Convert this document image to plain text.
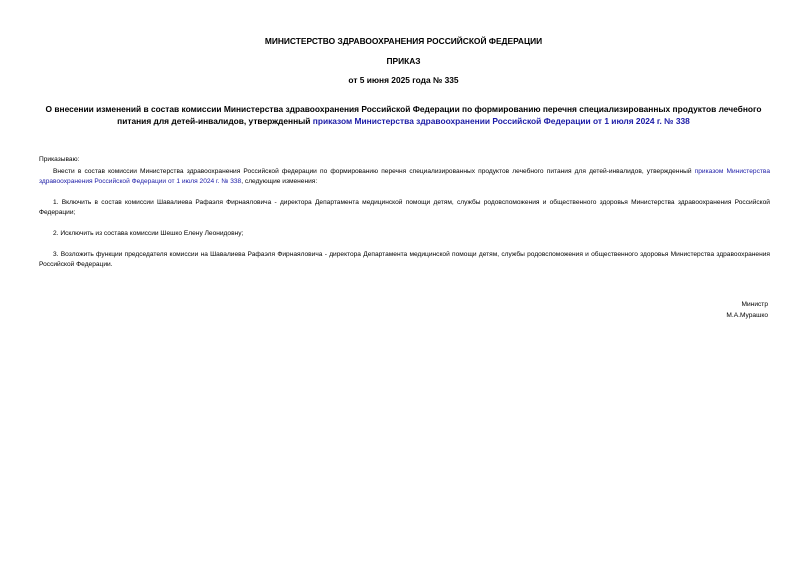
МИНИСТЕРСТВО ЗДРАВООХРАНЕНИЯ РОССИЙСКОЙ ФЕДЕРАЦИИ
ПРИКАЗ
от 5 июня 2025 года № 335
О внесении изменений в состав комиссии Министерства здравоохранения Российской Федерации по формированию перечня специализированных продуктов лечебного питания для детей-инвалидов, утвержденный приказом Министерства здравоохранении Российской Федерации от 1 июля 2024 г. № 338
Приказываю:
Внести в состав комиссии Министерства здравоохранения Российской федерации по формированию перечня специализированных продуктов лечебного питания для детей-инвалидов, утвержденный приказом Министерства здравоохранения Российской Федерации от 1 июля 2024 г. № 338, следующие изменения:
1. Включить в состав комиссии Шавалиева Рафаэля Фирнаяловича - директора Департамента медицинской помощи детям, службы родовспоможения и общественного здоровья Министерства здравоохранения Российской Федерации;
2. Исключить из состава комиссии Шешко Елену Леонидовну;
3. Возложить функции председателя комиссии на Шавалиева Рафаэля Фирнаяловича - директора Департамента медицинской помощи детям, службы родовспоможения и общественного здоровья Министерства здравоохранения Российской Федерации.
Министр
М.А.Мурашко
